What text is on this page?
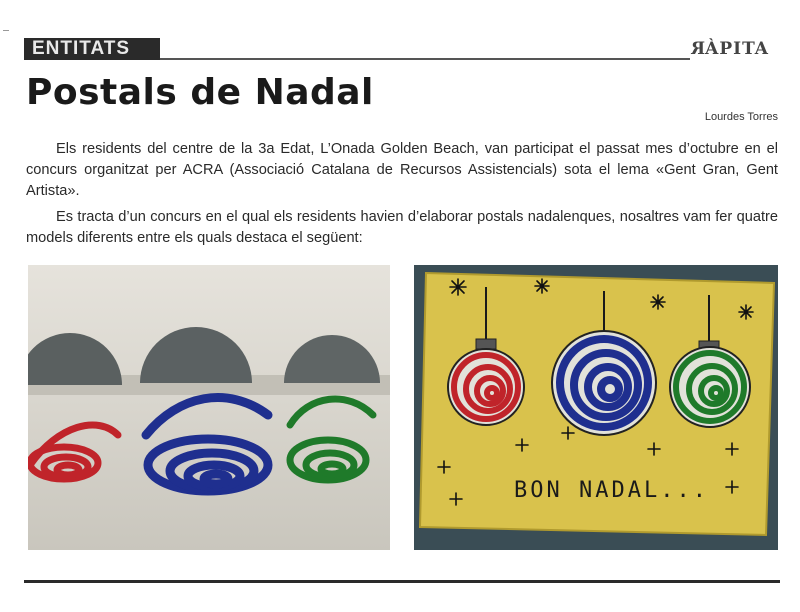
ENTITATS	RÀPITA
Postals de Nadal
Lourdes Torres

Els residents del centre de la 3a Edat, L’Onada Golden Beach, van participat el passat mes d’octubre en el concurs organitzat per ACRA (Associació Catalana de Recursos Assistencials) sota el lema «Gent Gran, Gent Artista».

Es tracta d’un concurs en el qual els residents havien d’elaborar postals nadalenques, nosaltres vam fer quatre models diferents entre els quals destaca el següent:

BON NADAL...
